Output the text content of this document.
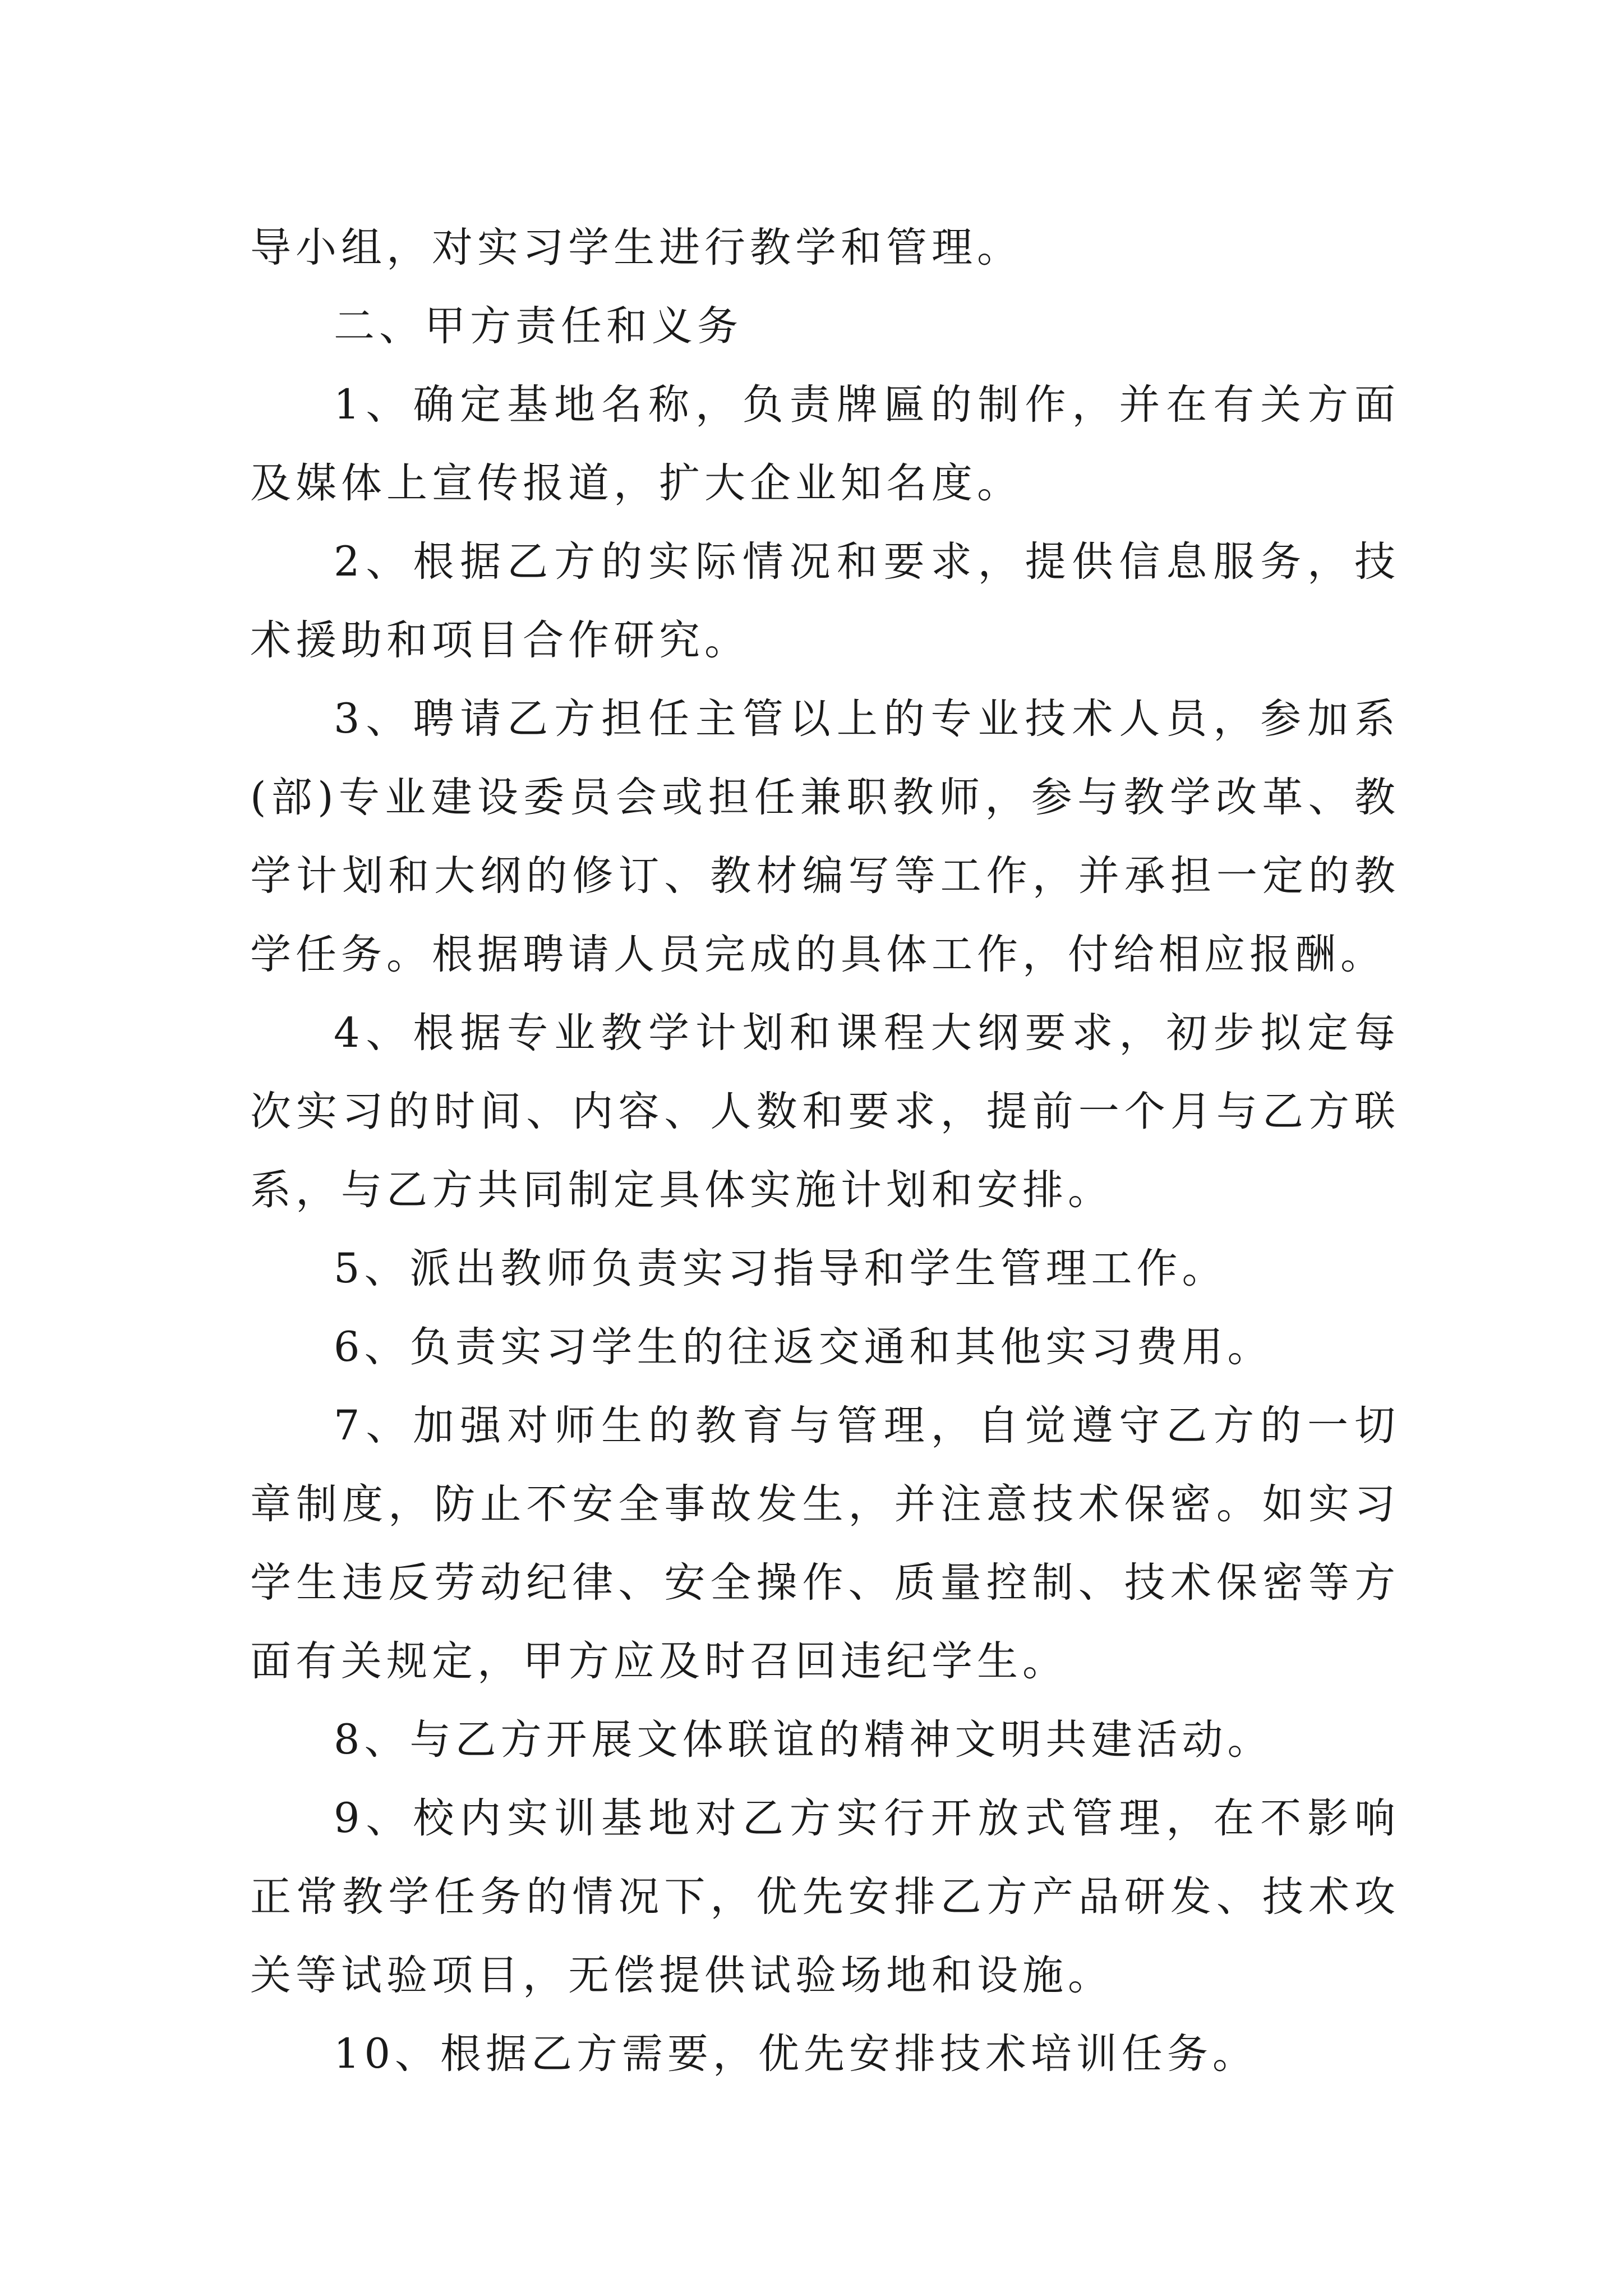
导小组，对实习学生进行教学和管理。

二、甲方责任和义务

1、确定基地名称，负责牌匾的制作，并在有关方面及媒体上宣传报道，扩大企业知名度。

2、根据乙方的实际情况和要求，提供信息服务，技术援助和项目合作研究。

3、聘请乙方担任主管以上的专业技术人员，参加系(部)专业建设委员会或担任兼职教师，参与教学改革、教学计划和大纲的修订、教材编写等工作，并承担一定的教学任务。根据聘请人员完成的具体工作，付给相应报酬。

4、根据专业教学计划和课程大纲要求，初步拟定每次实习的时间、内容、人数和要求，提前一个月与乙方联系，与乙方共同制定具体实施计划和安排。

5、派出教师负责实习指导和学生管理工作。

6、负责实习学生的往返交通和其他实习费用。

7、加强对师生的教育与管理，自觉遵守乙方的一切章制度，防止不安全事故发生，并注意技术保密。如实习学生违反劳动纪律、安全操作、质量控制、技术保密等方面有关规定，甲方应及时召回违纪学生。

8、与乙方开展文体联谊的精神文明共建活动。

9、校内实训基地对乙方实行开放式管理，在不影响正常教学任务的情况下，优先安排乙方产品研发、技术攻关等试验项目，无偿提供试验场地和设施。

10、根据乙方需要，优先安排技术培训任务。
